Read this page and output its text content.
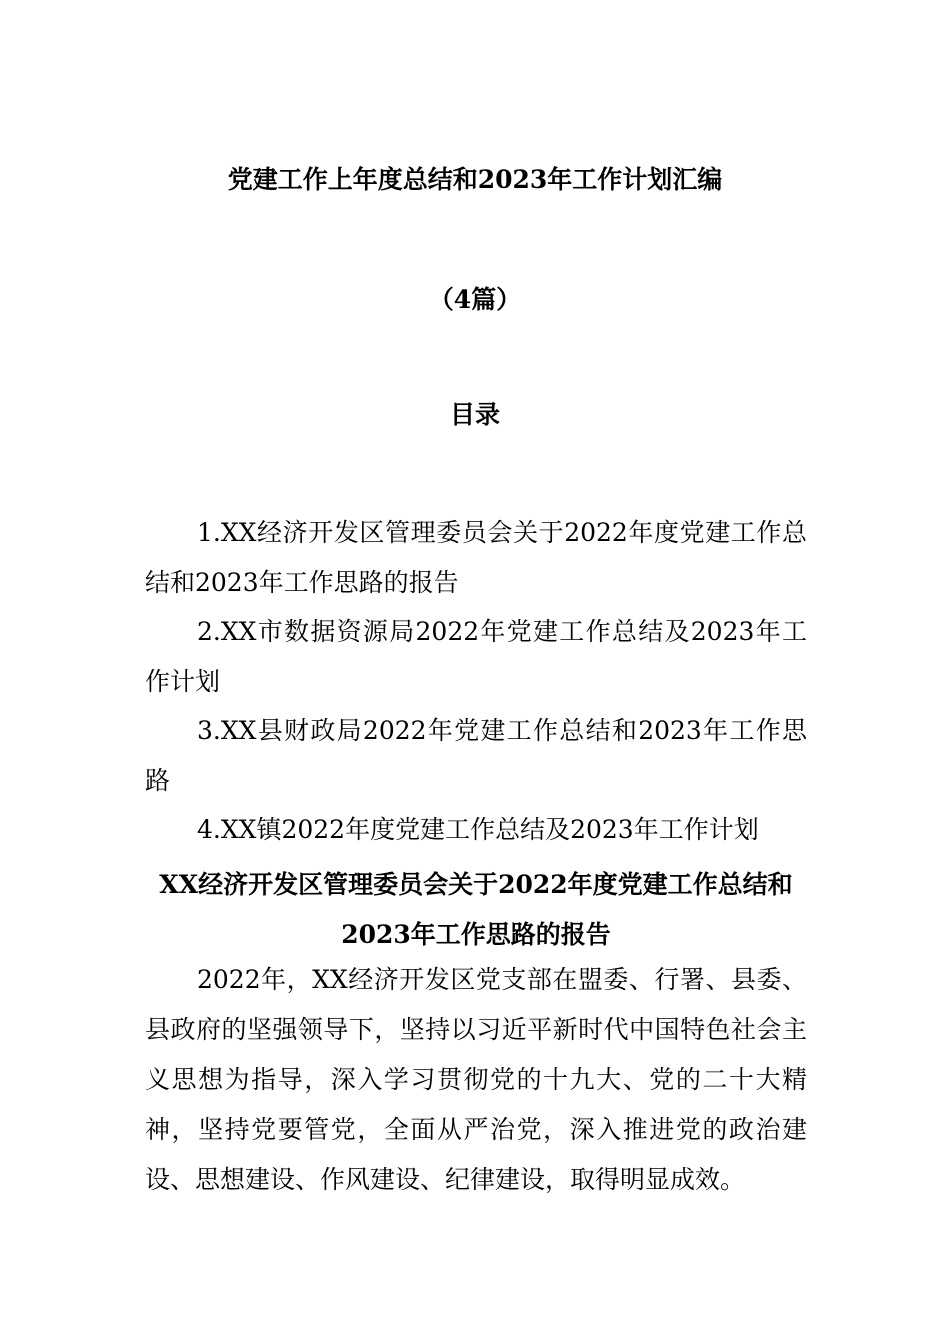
党建工作上年度总结和2023年工作计划汇编
（4篇）
目录

1.XX经济开发区管理委员会关于2022年度党建工作总结和2023年工作思路的报告

2.XX市数据资源局2022年党建工作总结及2023年工作计划

3.XX县财政局2022年党建工作总结和2023年工作思路

4.XX镇2022年度党建工作总结及2023年工作计划

XX经济开发区管理委员会关于2022年度党建工作总结和
2023年工作思路的报告

2022年，XX经济开发区党支部在盟委、行署、县委、县政府的坚强领导下，坚持以习近平新时代中国特色社会主义思想为指导，深入学习贯彻党的十九大、党的二十大精神，坚持党要管党，全面从严治党，深入推进党的政治建设、思想建设、作风建设、纪律建设，取得明显成效。
